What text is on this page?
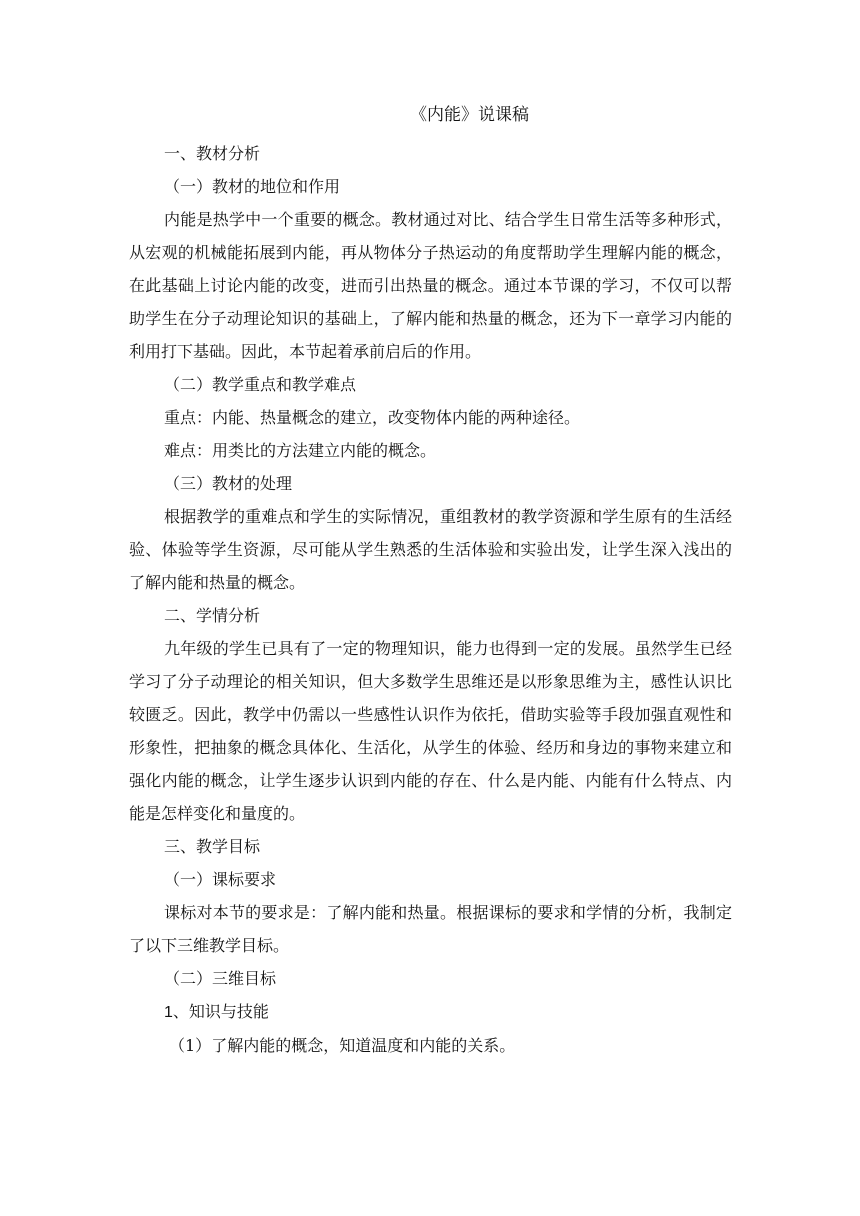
《内能》说课稿

一、教材分析

（一）教材的地位和作用

内能是热学中一个重要的概念。教材通过对比、结合学生日常生活等多种形式，从宏观的机械能拓展到内能，再从物体分子热运动的角度帮助学生理解内能的概念，在此基础上讨论内能的改变，进而引出热量的概念。通过本节课的学习，不仅可以帮助学生在分子动理论知识的基础上，了解内能和热量的概念，还为下一章学习内能的利用打下基础。因此，本节起着承前启后的作用。

（二）教学重点和教学难点

重点：内能、热量概念的建立，改变物体内能的两种途径。

难点：用类比的方法建立内能的概念。

（三）教材的处理

根据教学的重难点和学生的实际情况，重组教材的教学资源和学生原有的生活经验、体验等学生资源，尽可能从学生熟悉的生活体验和实验出发，让学生深入浅出的了解内能和热量的概念。

二、学情分析

九年级的学生已具有了一定的物理知识，能力也得到一定的发展。虽然学生已经学习了分子动理论的相关知识，但大多数学生思维还是以形象思维为主，感性认识比较匮乏。因此，教学中仍需以一些感性认识作为依托，借助实验等手段加强直观性和形象性，把抽象的概念具体化、生活化，从学生的体验、经历和身边的事物来建立和强化内能的概念，让学生逐步认识到内能的存在、什么是内能、内能有什么特点、内能是怎样变化和量度的。

三、教学目标

（一）课标要求

课标对本节的要求是：了解内能和热量。根据课标的要求和学情的分析，我制定了以下三维教学目标。

（二）三维目标

1、知识与技能

（1）了解内能的概念，知道温度和内能的关系。
